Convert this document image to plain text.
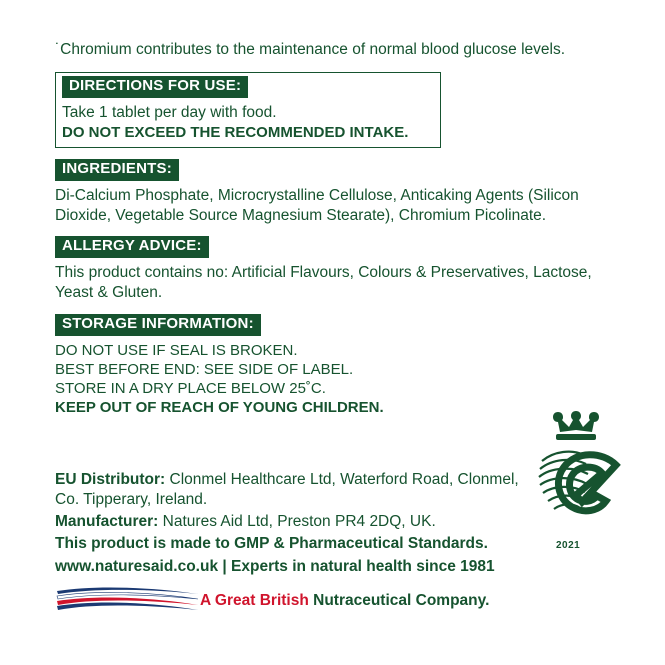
˙Chromium contributes to the maintenance of normal blood glucose levels.

DIRECTIONS FOR USE:

Take 1 tablet per day with food.

DO NOT EXCEED THE RECOMMENDED INTAKE.

INGREDIENTS:

Di-Calcium Phosphate, Microcrystalline Cellulose, Anticaking Agents (Silicon Dioxide, Vegetable Source Magnesium Stearate), Chromium Picolinate.

ALLERGY ADVICE:

This product contains no: Artificial Flavours, Colours & Preservatives, Lactose, Yeast & Gluten.

STORAGE INFORMATION:

DO NOT USE IF SEAL IS BROKEN.

BEST BEFORE END: SEE SIDE OF LABEL.

STORE IN A DRY PLACE BELOW 25˚C.

KEEP OUT OF REACH OF YOUNG CHILDREN.

EU Distributor: Clonmel Healthcare Ltd, Waterford Road, Clonmel, Co. Tipperary, Ireland.

Manufacturer: Natures Aid Ltd, Preston PR4 2DQ, UK.

This product is made to GMP & Pharmaceutical Standards.

www.naturesaid.co.uk | Experts in natural health since 1981

A Great British Nutraceutical Company.
2021
